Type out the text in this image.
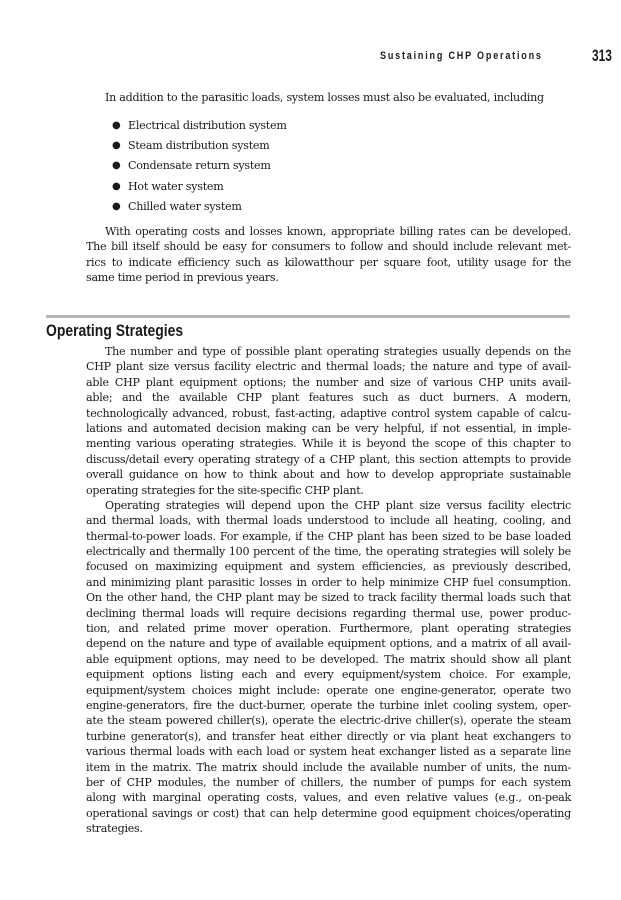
Sustaining CHP Operations	313
In addition to the parasitic loads, system losses must also be evaluated, including
● Electrical distribution system
● Steam distribution system
● Condensate return system
● Hot water system
● Chilled water system
With operating costs and losses known, appropriate billing rates can be developed.
The bill itself should be easy for consumers to follow and should include relevant met-
rics to indicate efficiency such as kilowatthour per square foot, utility usage for the
same time period in previous years.
Operating Strategies
The number and type of possible plant operating strategies usually depends on the
CHP plant size versus facility electric and thermal loads; the nature and type of avail-
able CHP plant equipment options; the number and size of various CHP units avail-
able; and the available CHP plant features such as duct burners. A modern,
technologically advanced, robust, fast-acting, adaptive control system capable of calcu-
lations and automated decision making can be very helpful, if not essential, in imple-
menting various operating strategies. While it is beyond the scope of this chapter to
discuss/detail every operating strategy of a CHP plant, this section attempts to provide
overall guidance on how to think about and how to develop appropriate sustainable
operating strategies for the site-specific CHP plant.
Operating strategies will depend upon the CHP plant size versus facility electric
and thermal loads, with thermal loads understood to include all heating, cooling, and
thermal-to-power loads. For example, if the CHP plant has been sized to be base loaded
electrically and thermally 100 percent of the time, the operating strategies will solely be
focused on maximizing equipment and system efficiencies, as previously described,
and minimizing plant parasitic losses in order to help minimize CHP fuel consumption.
On the other hand, the CHP plant may be sized to track facility thermal loads such that
declining thermal loads will require decisions regarding thermal use, power produc-
tion, and related prime mover operation. Furthermore, plant operating strategies
depend on the nature and type of available equipment options, and a matrix of all avail-
able equipment options, may need to be developed. The matrix should show all plant
equipment options listing each and every equipment/system choice. For example,
equipment/system choices might include: operate one engine-generator, operate two
engine-generators, fire the duct-burner, operate the turbine inlet cooling system, oper-
ate the steam powered chiller(s), operate the electric-drive chiller(s), operate the steam
turbine generator(s), and transfer heat either directly or via plant heat exchangers to
various thermal loads with each load or system heat exchanger listed as a separate line
item in the matrix. The matrix should include the available number of units, the num-
ber of CHP modules, the number of chillers, the number of pumps for each system
along with marginal operating costs, values, and even relative values (e.g., on-peak
operational savings or cost) that can help determine good equipment choices/operating
strategies.
